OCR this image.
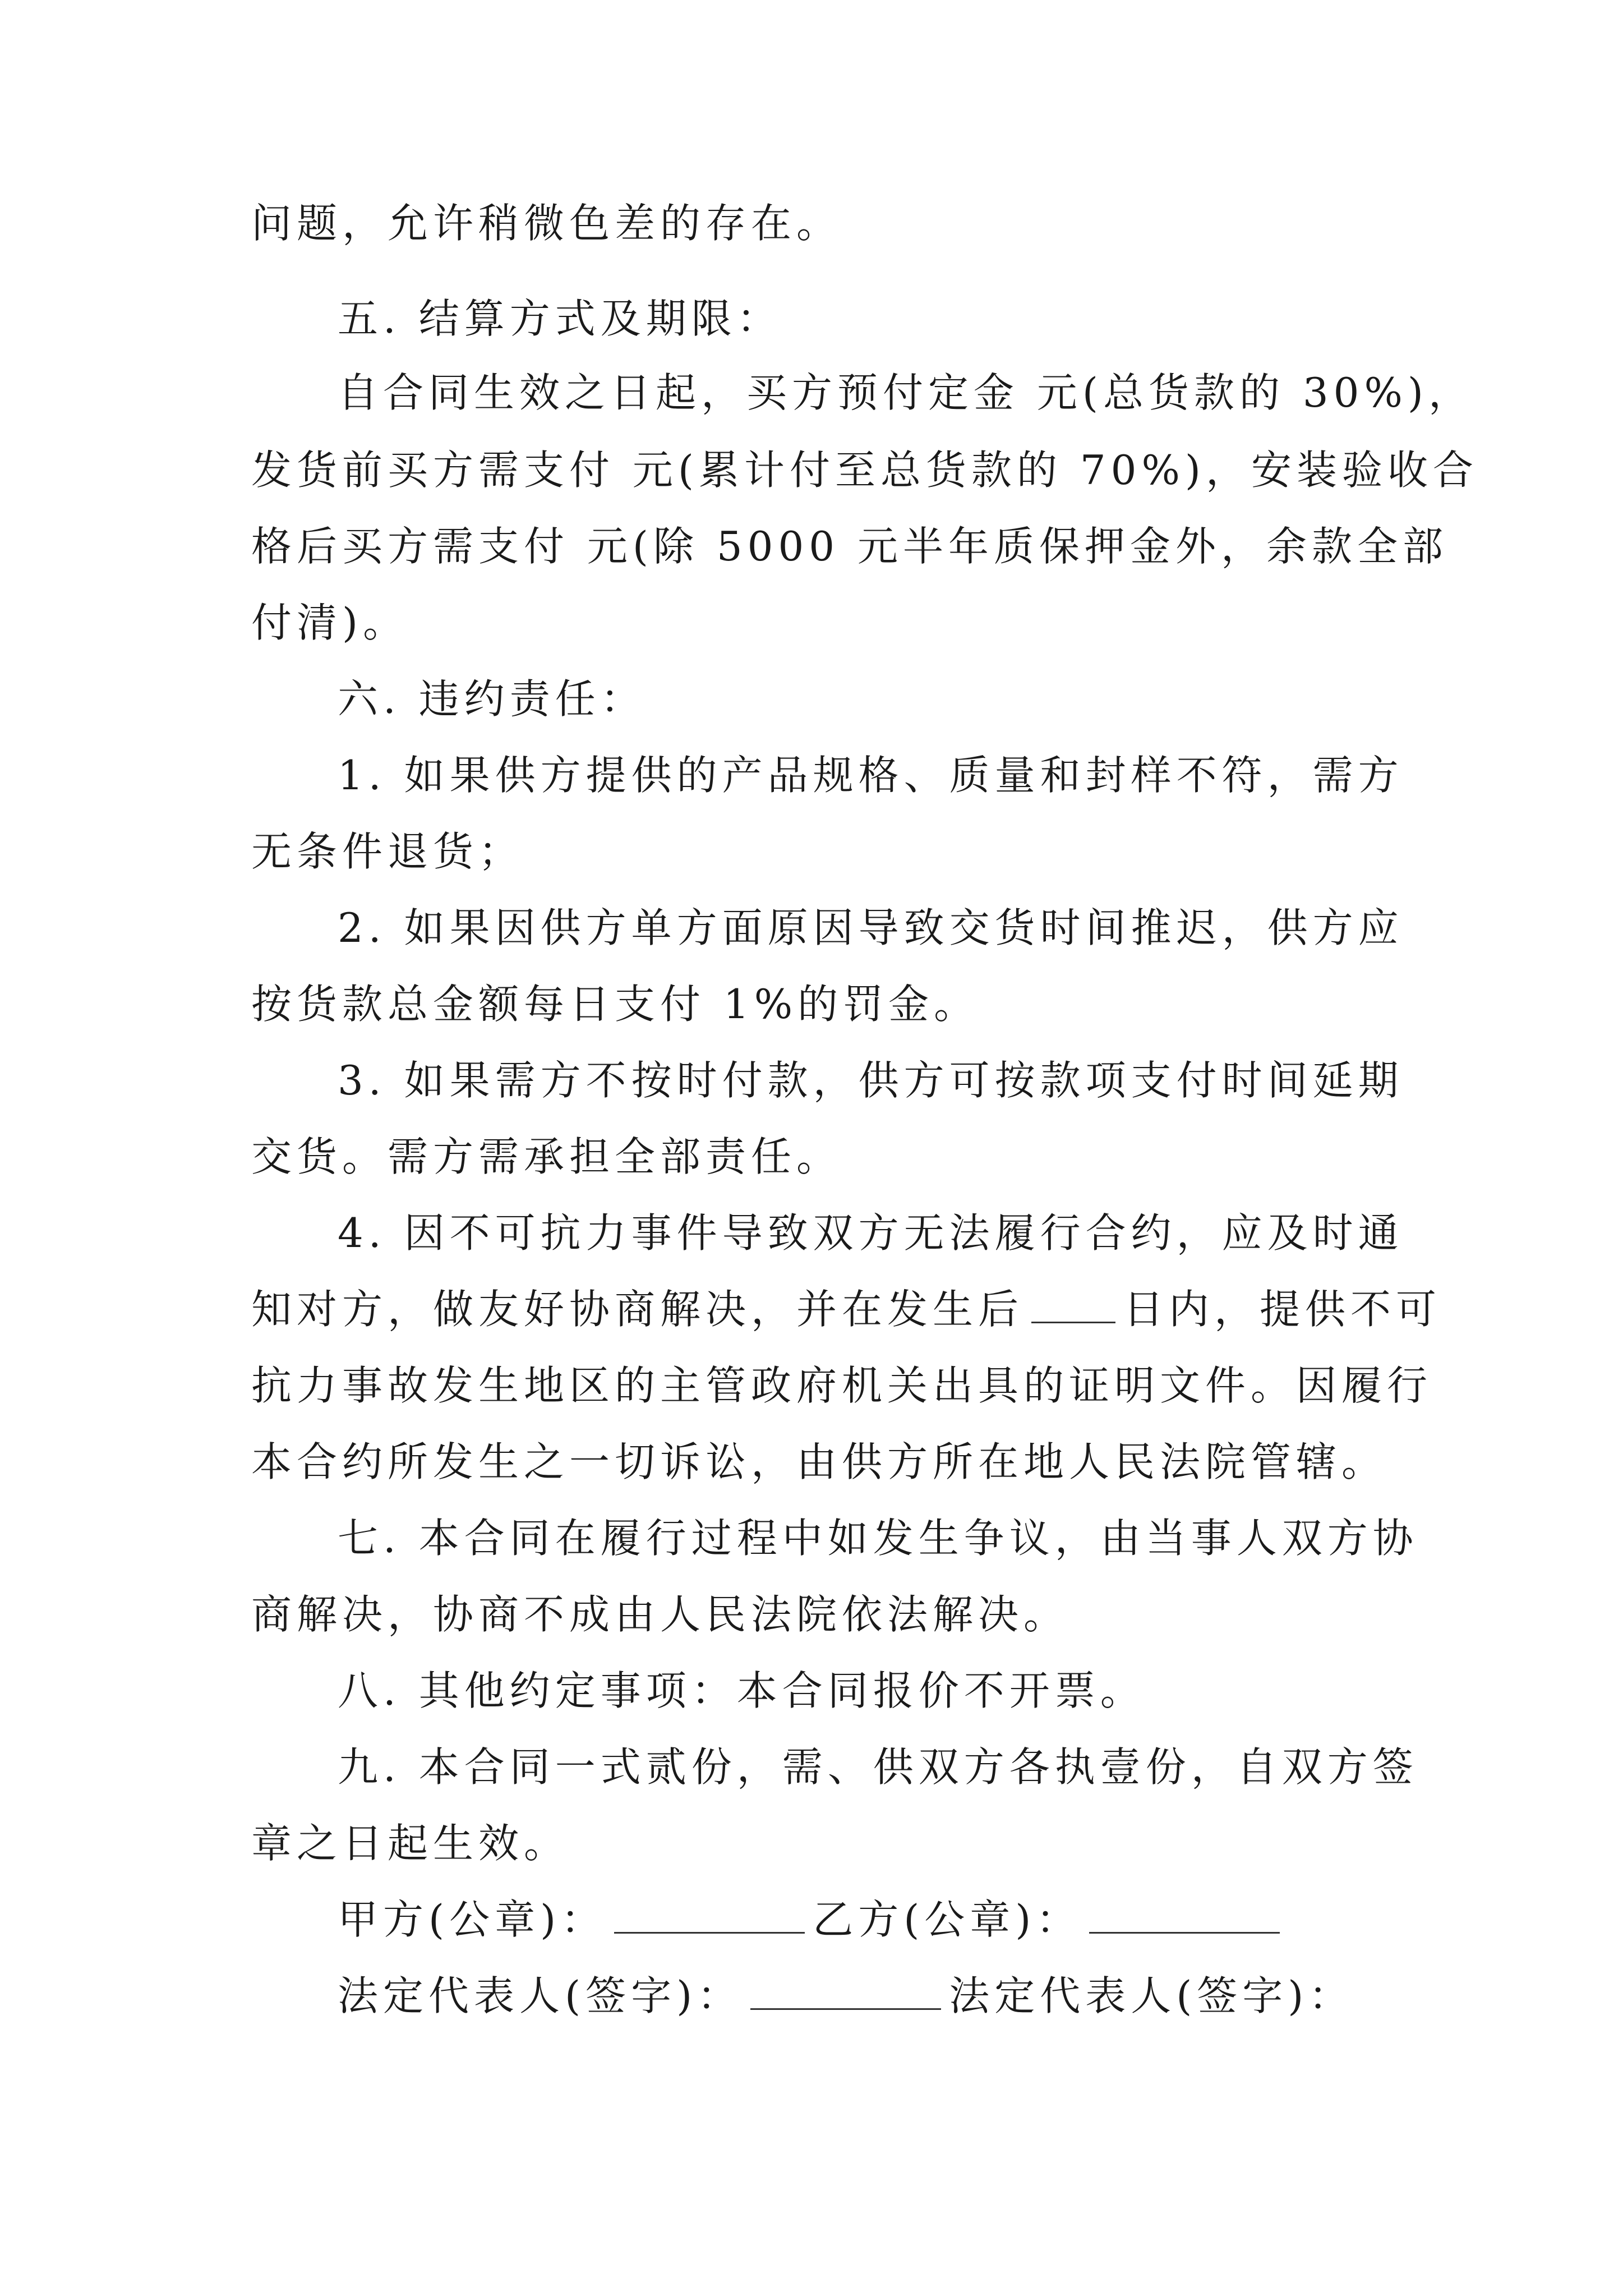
问题，允许稍微色差的存在。
五. 结算方式及期限：
自合同生效之日起，买方预付定金 元(总货款的 30%)，
发货前买方需支付 元(累计付至总货款的 70%)，安装验收合
格后买方需支付 元(除 5000 元半年质保押金外，余款全部
付清)。
六. 违约责任：
1. 如果供方提供的产品规格、质量和封样不符，需方
无条件退货；
2. 如果因供方单方面原因导致交货时间推迟，供方应
按货款总金额每日支付 1%的罚金。
3. 如果需方不按时付款，供方可按款项支付时间延期
交货。需方需承担全部责任。
4. 因不可抗力事件导致双方无法履行合约，应及时通
知对方，做友好协商解决，并在发生后 日内，提供不可
抗力事故发生地区的主管政府机关出具的证明文件。因履行
本合约所发生之一切诉讼，由供方所在地人民法院管辖。
七. 本合同在履行过程中如发生争议，由当事人双方协
商解决，协商不成由人民法院依法解决。
八. 其他约定事项：本合同报价不开票。
九. 本合同一式贰份，需、供双方各执壹份，自双方签
章之日起生效。
甲方(公章)：	乙方(公章)：
法定代表人(签字)：	法定代表人(签字)：
